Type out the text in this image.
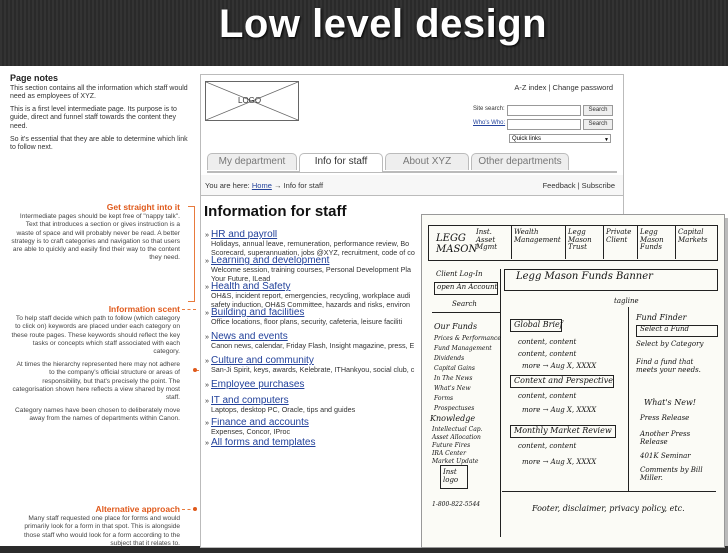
Low level design
Page notes

This section contains all the information which staff would need as employees of XYZ.

This is a first level intermediate page. Its purpose is to guide, direct and funnel staff towards the content they need.

So it's essential that they are able to determine which link to follow next.

Get straight into it

Intermediate pages should be kept free of "nappy talk". Text that introduces a section or gives instruction is a waste of space and will probably never be read. A better strategy is to craft categories and navigation so that users are able to quickly and easily find their way to the content they need.

Information scent

To help staff decide which path to follow (which category to click on) keywords are placed under each category on these route pages. These keywords should reflect the key tasks or concepts which staff associated with each category.

At times the hierarchy represented here may not adhere to the company's official structure or areas of responsibility, but that's precisely the point. The categorisation shown here reflects a view shared by most staff.

Category names have been chosen to deliberately move away from the names of departments within Canon.

Alternative approach

Many staff requested one place for forms and would primarily look for a form in that spot. This is alongside those staff who would look for a form according to the subject that it relates to.

LOGO
A-Z index | Change password
Site search:	Search
Who's Who:	Search
Quick links	▼
My department	Info for staff	About XYZ	Other departments
You are here: Home → Info for staff	Feedback | Subscribe
Information for staff
» HR and payroll
Holidays, annual leave, remuneration, performance review, Bo
Scorecard, superannuation, jobs @XYZ, recruitment, code of co
» Learning and development
Welcome session, training courses, Personal Development Pla
Your Future, ILead
» Health and Safety
OH&S, incident report, emergencies, recycling, workplace audi
safety induction, OH&S Committee, hazards and risks, environ
» Building and facilities
Office locations, floor plans, security, cafeteria, leisure faciliti
» News and events
Canon news, calendar, Friday Flash, Insight magazine, press, E
» Culture and community
San-Ji Spirit, keys, awards, Kelebrate, ITHankyou, social club, c
» Employee purchases
» IT and computers
Laptops, desktop PC, Oracle, tips and guides
» Finance and accounts
Expenses, Concor, IProc
» All forms and templates
LEGG MASON
Inst. Asset Mgmt
Wealth Management
Legg Mason Trust
Private Client
Legg Mason Funds
Capital Markets
Client Log-In
open An Account
Search
Legg Mason Funds Banner
tagline
Our Funds
Prices & Performance
Fund Management
Dividends
Capital Gains
In The News
What's New
Forms
Prospectuses
Knowledge
Intellectual Cap.
Asset Allocation
Future Fires
IRA Center
Market Update
Inst logo
1-800-822-5544
Global Brief
content, content
content, content
more → Aug X, XXXX
Context and Perspective
content, content
more → Aug X, XXXX
Monthly Market Review
content, content
more → Aug X, XXXX
Footer, disclaimer, privacy policy, etc.
Fund Finder
Select a Fund
Select by Category
Find a fund that meets your needs.
What's New!
Press Release
Another Press Release
401K Seminar
Comments by Bill Miller.
